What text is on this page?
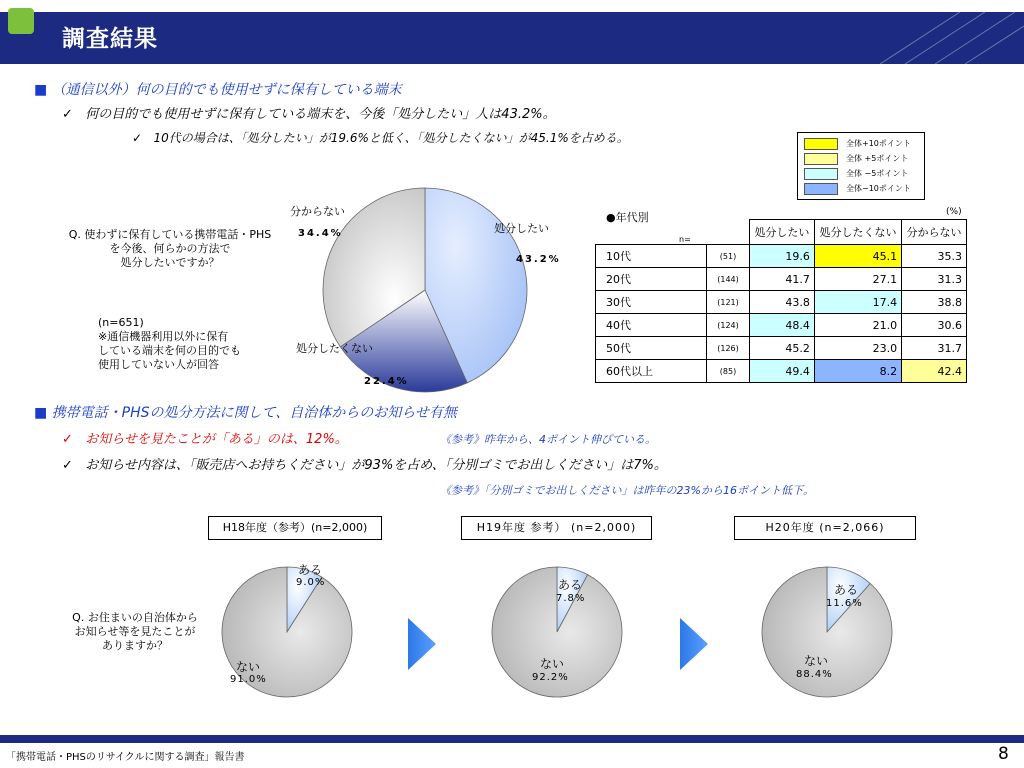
調査結果
■ （通信以外）何の目的でも使用せずに保有している端末
✓   何の目的でも使用せずに保有している端末を、今後「処分したい」人は43.2%。
✓   10代の場合は、「処分したい」が19.6%と低く、「処分したくない」が45.1%を占める。	全体+10ポイント
全体 +5ポイント
全体 −5ポイント
全体−10ポイント
Q. 使わずに保有している携帯電話・PHS
を今後、何らかの方法で
処分したいですか？
(n=651)
※通信機器利用以外に保有
している端末を何の目的でも
使用していない人が回答
分からない
34.4%	処分したい
43.2%
処分したくない
22.4%
●年代別	(%)
n=
		処分したい	処分したくない	分からない
10代	(51)	19.6	45.1	35.3
20代	(144)	41.7	27.1	31.3
30代	(121)	43.8	17.4	38.8
40代	(124)	48.4	21.0	30.6
50代	(126)	45.2	23.0	31.7
60代以上	(85)	49.4	8.2	42.4
■ 携帯電話・PHSの処分方法に関して、自治体からのお知らせ有無
✓   お知らせを見たことが「ある」のは、12%。	《参考》昨年から、4ポイント伸びている。
✓   お知らせ内容は、「販売店へお持ちください」が93%を占め、「分別ゴミでお出しください」は7%。
《参考》「分別ゴミでお出しください」は昨年の23%から16ポイント低下。
Q. お住まいの自治体から
お知らせ等を見たことが
ありますか？
H18年度（参考）(n=2,000)	H19年度 参考） (n=2,000)	H20年度 (n=2,066)
ある
9.0%
ない
91.0%
ある
7.8%
ない
92.2%
ある
11.6%
ない
88.4%
「携帯電話・PHSのリサイクルに関する調査」報告書	8
